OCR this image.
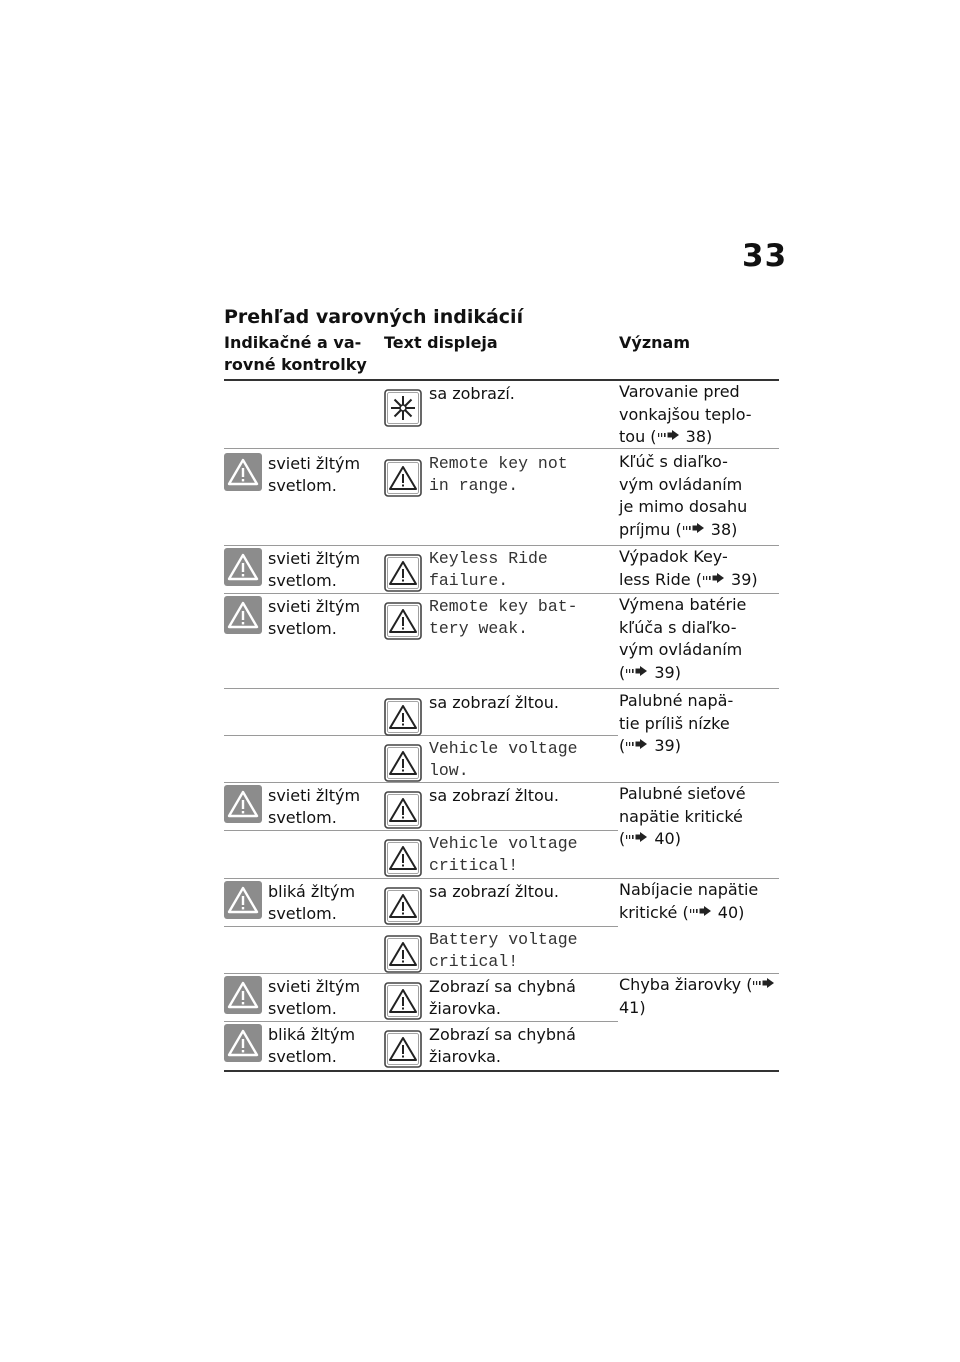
33
Prehľad varovných indikácií
Indikačné a va-
rovné kontrolky
Text displeja	Význam
sa zobrazí.
svieti žltým
svetlom.
Remote key not
in range.
svieti žltým
svetlom.
Keyless Ride
failure.
svieti žltým
svetlom.
Remote key bat-
tery weak.
sa zobrazí žltou.
Vehicle voltage
low.
svieti žltým
svetlom.
sa zobrazí žltou.
Vehicle voltage
critical!
bliká žltým
svetlom.
sa zobrazí žltou.
Battery voltage
critical!
svieti žltým
svetlom.
Zobrazí sa chybná
žiarovka.
bliká žltým
svetlom.
Zobrazí sa chybná
žiarovka.
Varovanie pred
vonkajšou teplo-
tou ( 38)
Kľúč s diaľko-
vým ovládaním
je mimo dosahu
príjmu ( 38)
Výpadok Key-
less Ride ( 39)
Výmena batérie
kľúča s diaľko-
vým ovládaním
( 39)
Palubné napä-
tie príliš nízke
( 39)
Palubné sieťové
napätie kritické
( 40)
Nabíjacie napätie
kritické ( 40)
Chyba žiarovky ( 41)
